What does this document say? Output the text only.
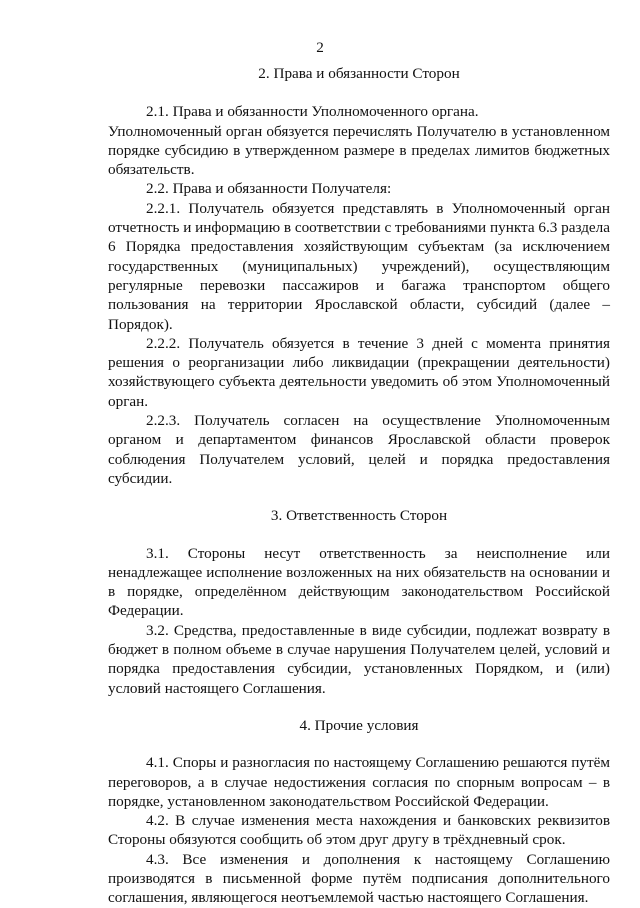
2
2. Права и обязанности Сторон

2.1. Права и обязанности Уполномоченного органа.

Уполномоченный орган обязуется перечислять Получателю в установленном порядке субсидию в утвержденном размере в пределах лимитов бюджетных обязательств.

2.2. Права и обязанности Получателя:

2.2.1. Получатель обязуется представлять в Уполномоченный орган отчетность и информацию в соответствии с требованиями пункта 6.3 раздела 6 Порядка предоставления хозяйствующим субъектам (за исключением государственных (муниципальных) учреждений), осуществляющим регулярные перевозки пассажиров и багажа транспортом общего пользования на территории Ярославской области, субсидий (далее – Порядок).

2.2.2. Получатель обязуется в течение 3 дней с момента принятия решения о реорганизации либо ликвидации (прекращении деятельности) хозяйствующего субъекта деятельности уведомить об этом Уполномоченный орган.

2.2.3. Получатель согласен на осуществление Уполномоченным органом и департаментом финансов Ярославской области проверок соблюдения Получателем условий, целей и порядка предоставления субсидии.

3. Ответственность Сторон

3.1. Стороны несут ответственность за неисполнение или ненадлежащее исполнение возложенных на них обязательств на основании и в порядке, определённом действующим законодательством Российской Федерации.

3.2. Средства, предоставленные в виде субсидии, подлежат возврату в бюджет в полном объеме в случае нарушения Получателем целей, условий и порядка предоставления субсидии, установленных Порядком, и (или) условий настоящего Соглашения.

4. Прочие условия

4.1. Споры и разногласия по настоящему Соглашению решаются путём переговоров, а в случае недостижения согласия по спорным вопросам – в порядке, установленном законодательством Российской Федерации.

4.2. В случае изменения места нахождения и банковских реквизитов Стороны обязуются сообщить об этом друг другу в трёхдневный срок.

4.3. Все изменения и дополнения к настоящему Соглашению производятся в письменной форме путём подписания дополнительного соглашения, являющегося неотъемлемой частью настоящего Соглашения.
